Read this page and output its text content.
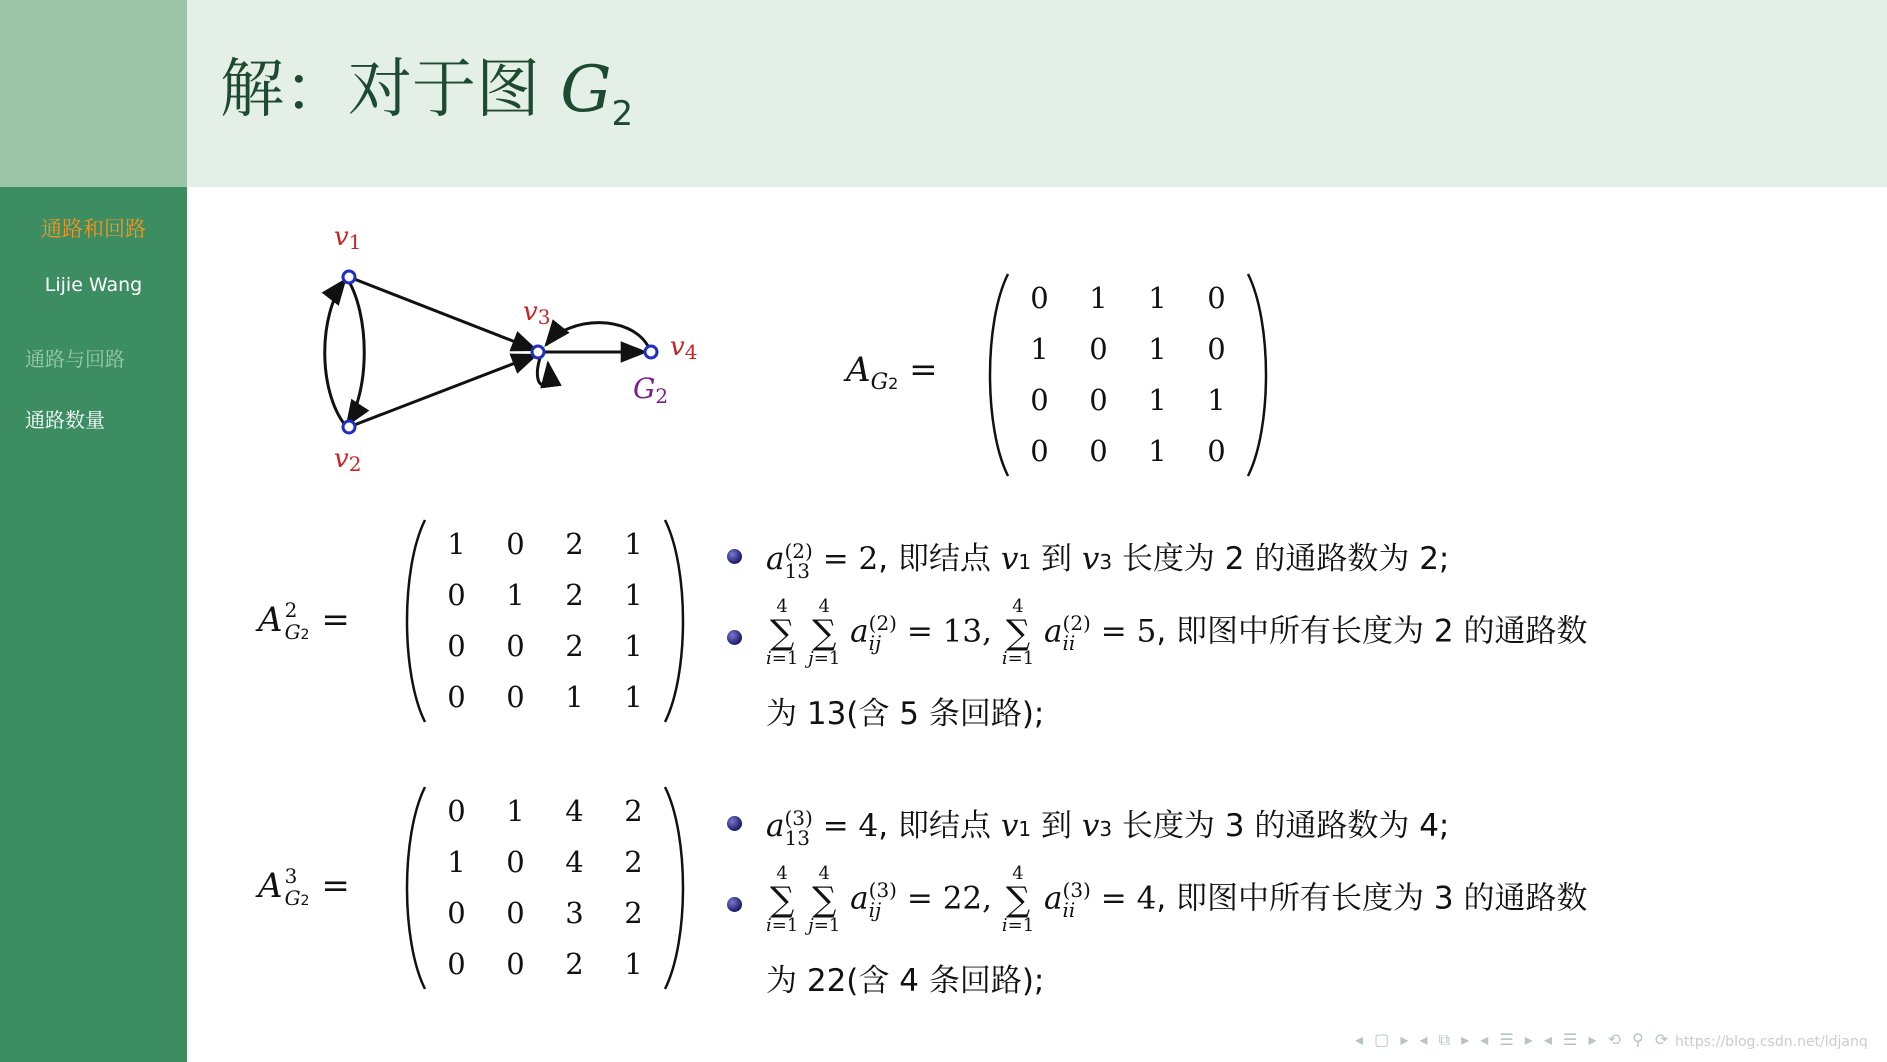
通路和回路
Lijie Wang
通路与回路
通路数量
解：对于图 $G_2$
v1
v2
v3
v4
G2
$A_{G2}$ =
0	1	1	0
1	0	1	0
0	0	1	1
0	0	1	0
A 2
G2 =
1	0	2	1
0	1	2	1
0	0	2	1
0	0	1	1
a (2)
13 = 2, 即结点 v1 到 v3 长度为 2 的通路数为 2;
4
∑
i=1

4
∑
j=1
a (2)
ij = 13,
4
∑
i=1
a (2)
ii = 5, 即图中所有长度为 2 的通路数
为 13(含 5 条回路);
A 3
G2 =
0	1	4	2
1	0	4	2
0	0	3	2
0	0	2	1
a (3)
13 = 4, 即结点 v1 到 v3 长度为 3 的通路数为 4;
4
∑
i=1

4
∑
j=1
a (3)
ij = 22,
4
∑
i=1
a (3)
ii = 4, 即图中所有长度为 3 的通路数
为 22(含 4 条回路);
◂ ▢ ▸ ◂ ⧉ ▸ ◂ ☰ ▸ ◂ ☰ ▸ ⟲ ⚲ ⟳ https://blog.csdn.net/ldjanq
